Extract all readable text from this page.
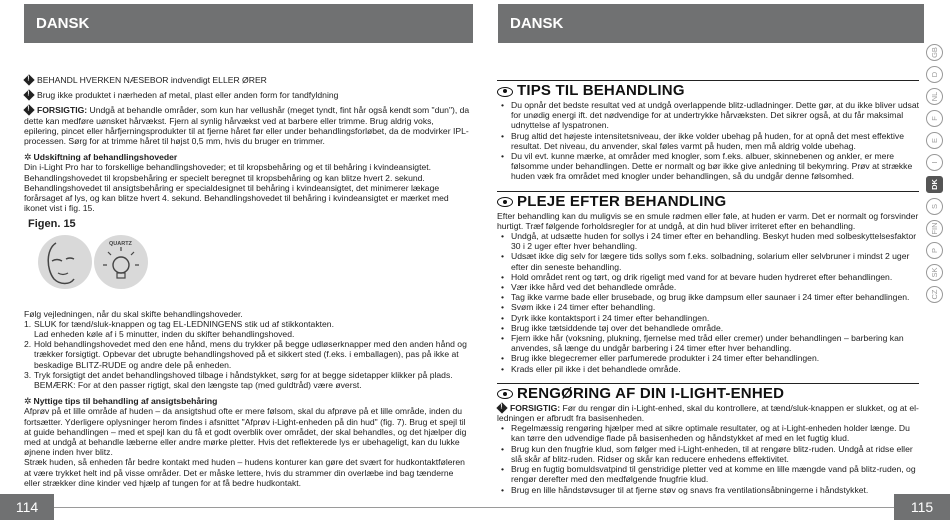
DANSK

!BEHANDL HVERKEN NÆSEBOR indvendigt ELLER ØRER

!Brug ikke produktet i nærheden af metal, plast eller anden form for tandfyldning

!FORSIGTIG: Undgå at behandle områder, som kun har vellushår (meget tyndt, fint hår også kendt som "dun"), da dette kan medføre uønsket hårvækst. Fjern al synlig hårvækst ved at barbere eller trimme. Brug aldrig voks, epilering, pincet eller hårfjerningsprodukter til at fjerne håret før eller under behandlingsforløbet, da de modvirker IPL-processen. Sørg for at trimme håret til højst 0,5 mm, hvis du bruger en trimmer.

✲ Udskiftning af behandlingshoveder

Din i-Light Pro har to forskellige behandlingshoveder; et til kropsbehåring og et til behåring i kvindeansigtet. Behandlingshovedet til kropsbehåring er specielt beregnet til kropsbehåring og kan blitze hvert 2. sekund. Behandlingshovedet til ansigtsbehåring er specialdesignet til behåring i kvindeansigtet, det minimerer lækage forårsaget af lys, og kan blitze hvert 4. sekund. Behandlingshovedet til behåring i kvindeansigtet er mærket med ikonet vist i fig. 15.

Figen. 15
QUARTZ

Følg vejledningen, når du skal skifte behandlingshoveder.

1. SLUK for tænd/sluk-knappen og tag EL-LEDNINGENS stik ud af stikkontakten.
Lad enheden køle af i 5 minutter, inden du skifter behandlingshoved.
2. Hold behandlingshovedet med den ene hånd, mens du trykker på begge udløserknapper med den anden hånd og trækker forsigtigt. Opbevar det ubrugte behandlingshoved på et sikkert sted (f.eks. i emballagen), pas på ikke at beskadige BLITZ-RUDE og andre dele på enheden.
3. Tryk forsigtigt det andet behandlingshoved tilbage i håndstykket, sørg for at begge sidetapper klikker på plads. BEMÆRK: For at den passer rigtigt, skal den længste tap (med guldtråd) være øverst.

✲ Nyttige tips til behandling af ansigtsbehåring

Afprøv på et lille område af huden – da ansigtshud ofte er mere følsom, skal du afprøve på et lille område, inden du fortsætter. Yderligere oplysninger herom findes i afsnittet "Afprøv i-Light-enheden på din hud" (fig. 7). Brug et spejl til at guide behandlingen – med et spejl kan du få et godt overblik over området, der skal behandles, og det hjælper dig med at undgå at behandle læberne eller andre mørke pletter. Hvis det reflekterede lys er ubehageligt, kan du lukke øjnene inden hver blitz.

Stræk huden, så enheden får bedre kontakt med huden – hudens konturer kan gøre det svært for hudkontaktføleren at være trykket helt ind på visse områder. Det er måske lettere, hvis du strammer din overlæbe ind bag tænderne eller strækker dine kinder ved hjælp af tungen for at få bedre hudkontakt.

114
DANSK
TIPS TIL BEHANDLING
• Du opnår det bedste resultat ved at undgå overlappende blitz-udladninger. Dette gør, at du ikke bliver udsat for unødig energi ift. det nødvendige for at undertrykke hårvæksten. Det sikrer også, at du får maksimal udnyttelse af lyspatronen.
• Brug altid det højeste intensitetsniveau, der ikke volder ubehag på huden, for at opnå det mest effektive resultat. Det niveau, du anvender, skal føles varmt på huden, men må aldrig volde ubehag.
• Du vil evt. kunne mærke, at områder med knogler, som f.eks. albuer, skinnebenen og ankler, er mere følsomme under behandlingen. Dette er normalt og bør ikke give anledning til bekymring. Prøv at strække huden væk fra området med knogler under behandlingen, så du undgår denne følsomhed.
PLEJE EFTER BEHANDLING

Efter behandling kan du muligvis se en smule rødmen eller føle, at huden er varm. Det er normalt og forsvinder hurtigt. Træf følgende forholdsregler for at undgå, at din hud bliver irriteret efter en behandling.

• Undgå, at udsætte huden for sollys i 24 timer efter en behandling. Beskyt huden med solbeskyttelsesfaktor 30 i 2 uger efter hver behandling.
• Udsæt ikke dig selv for lægere tids sollys som f.eks. solbadning, solarium eller selvbruner i mindst 2 uger efter din seneste behandling.
• Hold området rent og tørt, og drik rigeligt med vand for at bevare huden hydreret efter behandlingen.
• Vær ikke hård ved det behandlede område.
• Tag ikke varme bade eller brusebade, og brug ikke dampsum eller saunaer i 24 timer efter behandlingen.
• Svøm ikke i 24 timer efter behandling.
• Dyrk ikke kontaktsport i 24 timer efter behandlingen.
• Brug ikke tætsiddende tøj over det behandlede område.
• Fjern ikke hår (voksning, plukning, fjernelse med tråd eller cremer) under behandlingen – barbering kan anvendes, så længe du undgår barbering i 24 timer efter hver behandling.
• Brug ikke blegecremer eller parfumerede produkter i 24 timer efter behandlingen.
• Krads eller pil ikke i det behandlede område.
RENGØRING AF DIN I-LIGHT-ENHED

!FORSIGTIG: Før du rengør din i-Light-enhed, skal du kontrollere, at tænd/sluk-knappen er slukket, og at el-ledningen er afbrudt fra basisenheden.

• Regelmæssig rengøring hjælper med at sikre optimale resultater, og at i-Light-enheden holder længe. Du kan tørre den udvendige flade på basisenheden og håndstykket af med en let fugtig klud.
• Brug kun den fnugfrie klud, som følger med i-Light-enheden, til at rengøre blitz-ruden. Undgå at ridse eller slå skår af blitz-ruden. Ridser og skår kan reducere enhedens effektivitet.
• Brug en fugtig bomuldsvatpind til genstridige pletter ved at komme en lille mængde vand på blitz-ruden, og rengør derefter med den medfølgende fnugfrie klud.
• Brug en lille håndstøvsuger til at fjerne støv og snavs fra ventilationsåbningerne i håndstykket.
115
GB
D
NL
F
E
I
DK
S
FIN
P
SK
CZ
